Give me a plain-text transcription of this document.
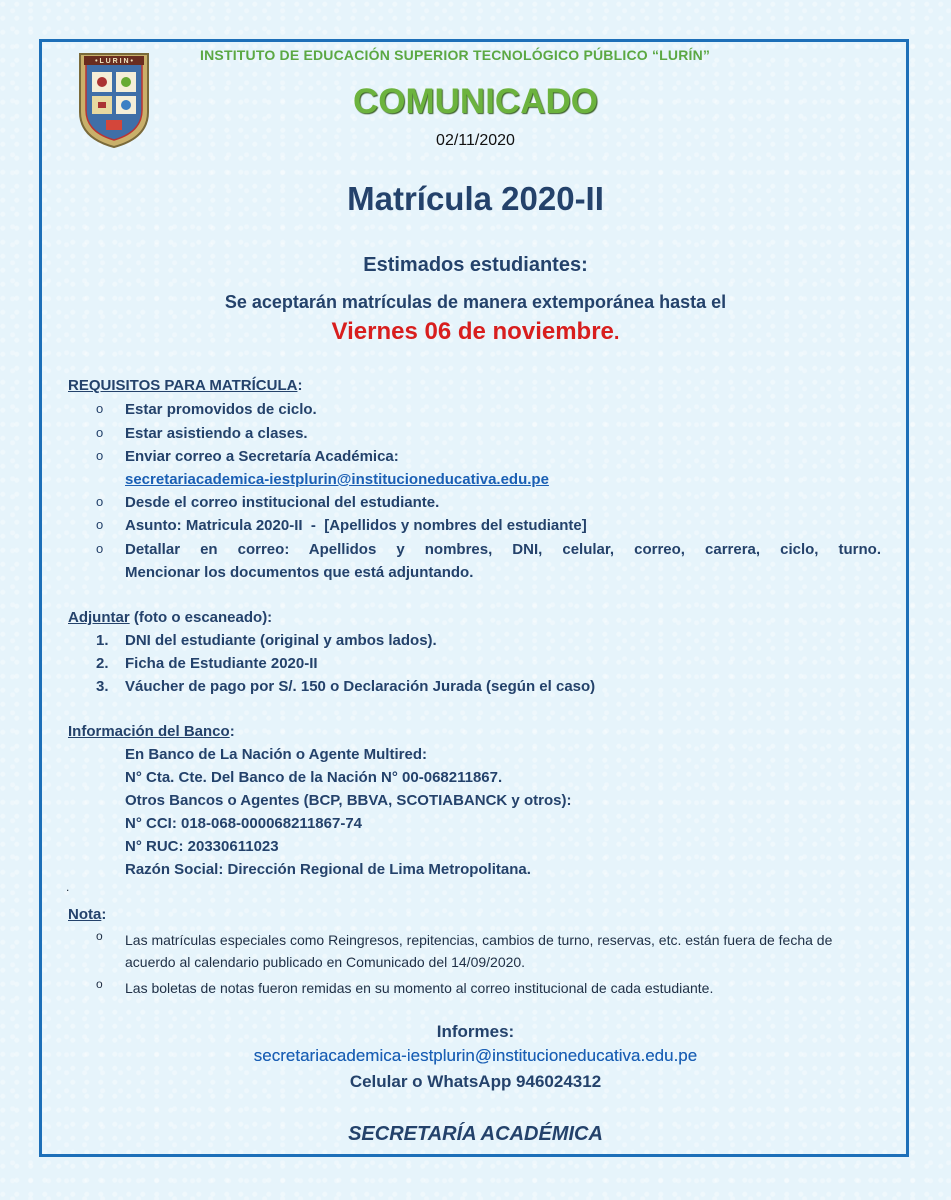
• L U R I N •	INSTITUTO DE EDUCACIÓN SUPERIOR TECNOLÓGICO PÚBLICO “LURÍN”
COMUNICADO
02/11/2020
Matrícula 2020-II
Estimados estudiantes:
Se aceptarán matrículas de manera extemporánea hasta el
Viernes 06 de noviembre.
REQUISITOS PARA MATRÍCULA:
o Estar promovidos de ciclo.
o Estar asistiendo a clases.
o Enviar correo a Secretaría Académica:
secretariacademica-iestplurin@institucioneducativa.edu.pe
o Desde el correo institucional del estudiante.
o Asunto: Matricula 2020-II  -  [Apellidos y nombres del estudiante]
o Detallar en correo: Apellidos y nombres, DNI, celular, correo, carrera, ciclo, turno.
Mencionar los documentos que está adjuntando.
Adjuntar (foto o escaneado):
1. DNI del estudiante (original y ambos lados).
2. Ficha de Estudiante 2020-II
3. Váucher de pago por S/. 150 o Declaración Jurada (según el caso)
Información del Banco:
En Banco de La Nación o Agente Multired:
N° Cta. Cte. Del Banco de la Nación N° 00-068211867.
Otros Bancos o Agentes (BCP, BBVA, SCOTIABANCK y otros):
N° CCI: 018-068-000068211867-74
N° RUC: 20330611023
Razón Social: Dirección Regional de Lima Metropolitana.
.
Nota:
o Las matrículas especiales como Reingresos, repitencias, cambios de turno, reservas, etc. están fuera de fecha de acuerdo al calendario publicado en Comunicado del 14/09/2020.
o Las boletas de notas fueron remidas en su momento al correo institucional de cada estudiante.
Informes:
secretariacademica-iestplurin@institucioneducativa.edu.pe
Celular o WhatsApp 946024312
SECRETARÍA ACADÉMICA
